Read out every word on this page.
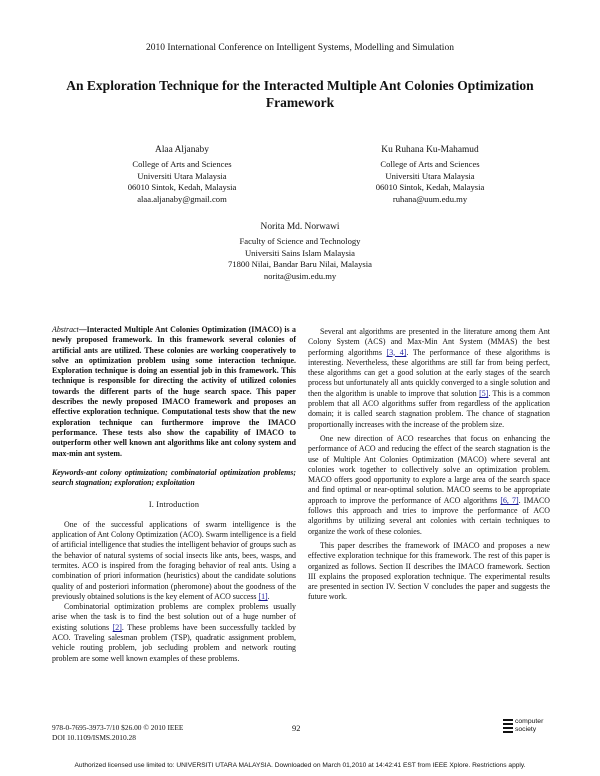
2010 International Conference on Intelligent Systems, Modelling and Simulation
An Exploration Technique for the Interacted Multiple Ant Colonies Optimization Framework
Alaa Aljanaby
College of Arts and Sciences
Universiti Utara Malaysia
06010 Sintok, Kedah, Malaysia
alaa.aljanaby@gmail.com
Ku Ruhana Ku-Mahamud
College of Arts and Sciences
Universiti Utara Malaysia
06010 Sintok, Kedah, Malaysia
ruhana@uum.edu.my
Norita Md. Norwawi
Faculty of Science and Technology
Universiti Sains Islam Malaysia
71800 Nilai, Bandar Baru Nilai, Malaysia
norita@usim.edu.my

Abstract—Interacted Multiple Ant Colonies Optimization (IMACO) is a newly proposed framework. In this framework several colonies of artificial ants are utilized. These colonies are working cooperatively to solve an optimization problem using some interaction technique. Exploration technique is doing an essential job in this framework. This technique is responsible for directing the activity of utilized colonies towards the different parts of the huge search space. This paper describes the newly proposed IMACO framework and proposes an effective exploration technique. Computational tests show that the new exploration technique can furthermore improve the IMACO performance. These tests also show the capability of IMACO to outperform other well known ant algorithms like ant colony system and max-min ant system.

Keywords-ant colony optimization; combinatorial optimization problems; search stagnation; exploration; exploitation

I. Introduction

One of the successful applications of swarm intelligence is the application of Ant Colony Optimization (ACO). Swarm intelligence is a field of artificial intelligence that studies the intelligent behavior of groups such as the behavior of natural systems of social insects like ants, bees, wasps, and termites. ACO is inspired from the foraging behavior of real ants. Using a combination of priori information (heuristics) about the candidate solutions quality of and posteriori information (pheromone) about the goodness of the previously obtained solutions is the key element of ACO success [1].

Combinatorial optimization problems are complex problems usually arise when the task is to find the best solution out of a huge number of existing solutions [2]. These problems have been successfully tackled by ACO. Traveling salesman problem (TSP), quadratic assignment problem, vehicle routing problem, job secluding problem and network routing problem are some well known examples of these problems.

Several ant algorithms are presented in the literature among them Ant Colony System (ACS) and Max-Min Ant System (MMAS) the best performing algorithms [3, 4]. The performance of these algorithms is interesting. Nevertheless, these algorithms are still far from being perfect, these algorithms can get a good solution at the early stages of the search process but unfortunately all ants quickly converged to a single solution and then the algorithm is unable to improve that solution [5]. This is a common problem that all ACO algorithms suffer from regardless of the application domain; it is called search stagnation problem. The chance of stagnation proportionally increases with the increase of the problem size.

One new direction of ACO researches that focus on enhancing the performance of ACO and reducing the effect of the search stagnation is the use of Multiple Ant Colonies Optimization (MACO) where several ant colonies work together to collectively solve an optimization problem. MACO offers good opportunity to explore a large area of the search space and find optimal or near-optimal solution. MACO seems to be appropriate approach to improve the performance of ACO algorithms [6, 7]. IMACO follows this approach and tries to improve the performance of ACO algorithms by utilizing several ant colonies with certain techniques to organize the work of these colonies.

This paper describes the framework of IMACO and proposes a new effective exploration technique for this framework. The rest of this paper is organized as follows. Section II describes the IMACO framework. Section III explains the proposed exploration technique. The experimental results are presented in section IV. Section V concludes the paper and suggests the future work.

978-0-7695-3973-7/10 $26.00 © 2010 IEEE
DOI 10.1109/ISMS.2010.28
92
computer
society
Authorized licensed use limited to: UNIVERSITI UTARA MALAYSIA. Downloaded on March 01,2010 at 14:42:41 EST from IEEE Xplore. Restrictions apply.
